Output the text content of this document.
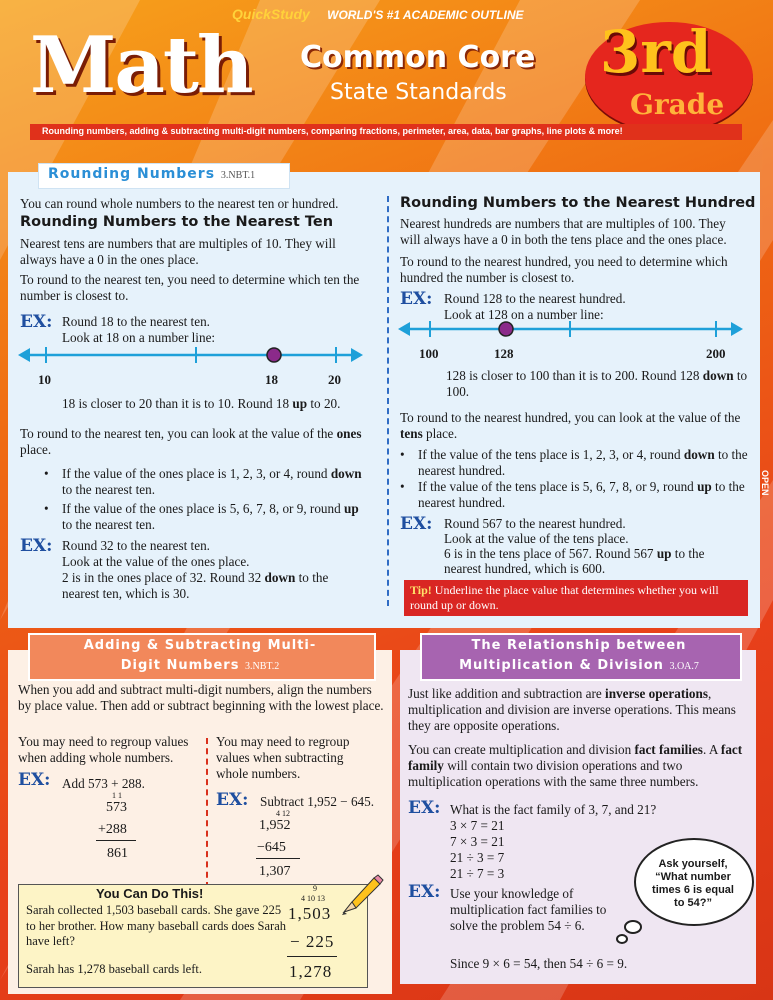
QuickStudy WORLD'S #1 ACADEMIC OUTLINE
Math Common Core
State Standards
3rd
Grade
Rounding numbers, adding & subtracting multi-digit numbers, comparing fractions, perimeter, area, data, bar graphs, line plots & more!
Rounding Numbers 3.NBT.1
You can round whole numbers to the nearest ten or hundred.
Rounding Numbers to the Nearest Ten
Nearest tens are numbers that are multiples of 10. They will always have a 0 in the ones place.
To round to the nearest ten, you need to determine which ten the number is closest to.
EX: Round 18 to the nearest ten.
Look at 18 on a number line:
10	18	20
18 is closer to 20 than it is to 10. Round 18 up to 20.
To round to the nearest ten, you can look at the value of the ones place.
• If the value of the ones place is 1, 2, 3, or 4, round down to the nearest ten.
• If the value of the ones place is 5, 6, 7, 8, or 9, round up to the nearest ten.
EX: Round 32 to the nearest ten.
Look at the value of the ones place.
2 is in the ones place of 32. Round 32 down to the
nearest ten, which is 30.
Rounding Numbers to the Nearest Hundred
Nearest hundreds are numbers that are multiples of 100. They will always have a 0 in both the tens place and the ones place.
To round to the nearest hundred, you need to determine which hundred the number is closest to.
EX: Round 128 to the nearest hundred.
Look at 128 on a number line:
100	128	200
128 is closer to 100 than it is to 200. Round 128 down to 100.
To round to the nearest hundred, you can look at the value of the tens place.
• If the value of the tens place is 1, 2, 3, or 4, round down to the nearest hundred.
• If the value of the tens place is 5, 6, 7, 8, or 9, round up to the nearest hundred.
EX: Round 567 to the nearest hundred.
Look at the value of the tens place.
6 is in the tens place of 567. Round 567 up to the
nearest hundred, which is 600.
Tip! Underline the place value that determines whether you will round up or down.
OPEN
Adding & Subtracting Multi-
Digit Numbers 3.NBT.2
When you add and subtract multi-digit numbers, align the numbers by place value. Then add or subtract beginning with the lowest place.
You may need to regroup values when adding whole numbers.
You may need to regroup values when subtracting whole numbers.
EX: Add 573 + 288.
1 1
573
+288
861
EX: Subtract 1,952 − 645.
4 12
1,952
−645
1,307
You Can Do This!
Sarah collected 1,503 baseball cards. She gave 225 to her brother. How many baseball cards does Sarah have left?
Sarah has 1,278 baseball cards left.
9
4 10 13
1,503
− 225
1,278
The Relationship between
Multiplication & Division 3.OA.7
Just like addition and subtraction are inverse operations, multiplication and division are inverse operations. This means they are opposite operations.
You can create multiplication and division fact families. A fact family will contain two division operations and two multiplication operations with the same three numbers.
EX: What is the fact family of 3, 7, and 21?
3 × 7 = 21
7 × 3 = 21
21 ÷ 3 = 7
21 ÷ 7 = 3
EX: Use your knowledge of multiplication fact families to solve the problem 54 ÷ 6.
Since 9 × 6 = 54, then 54 ÷ 6 = 9.
Ask yourself, “What number times 6 is equal to 54?”
